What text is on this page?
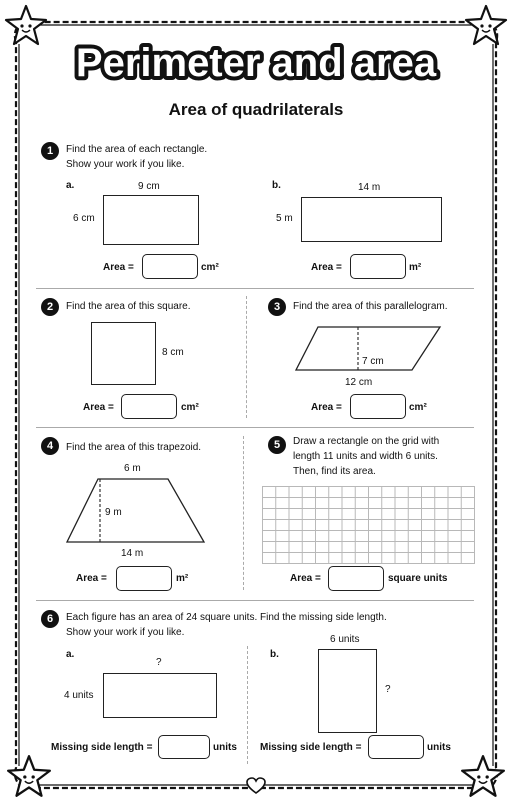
Perimeter and area
Area of quadrilaterals
1	Find the area of each rectangle.
Show your work if you like.
a.	9 cm
6 cm
Area =	cm²
b.	14 m
5 m
Area =	m²
2	Find the area of this square.
8 cm
Area =	cm²
3	Find the area of this parallelogram.
7 cm
12 cm
Area =	cm²
4	Find the area of this trapezoid.
6 m
9 m
14 m
Area =	m²
5	Draw a rectangle on the grid with
length 11 units and width 6 units.
Then, find its area.
Area =	square units
6	Each figure has an area of 24 square units. Find the missing side length.
Show your work if you like.
a.
?
4 units
Missing side length =	units
b.
6 units
?
Missing side length =	units
